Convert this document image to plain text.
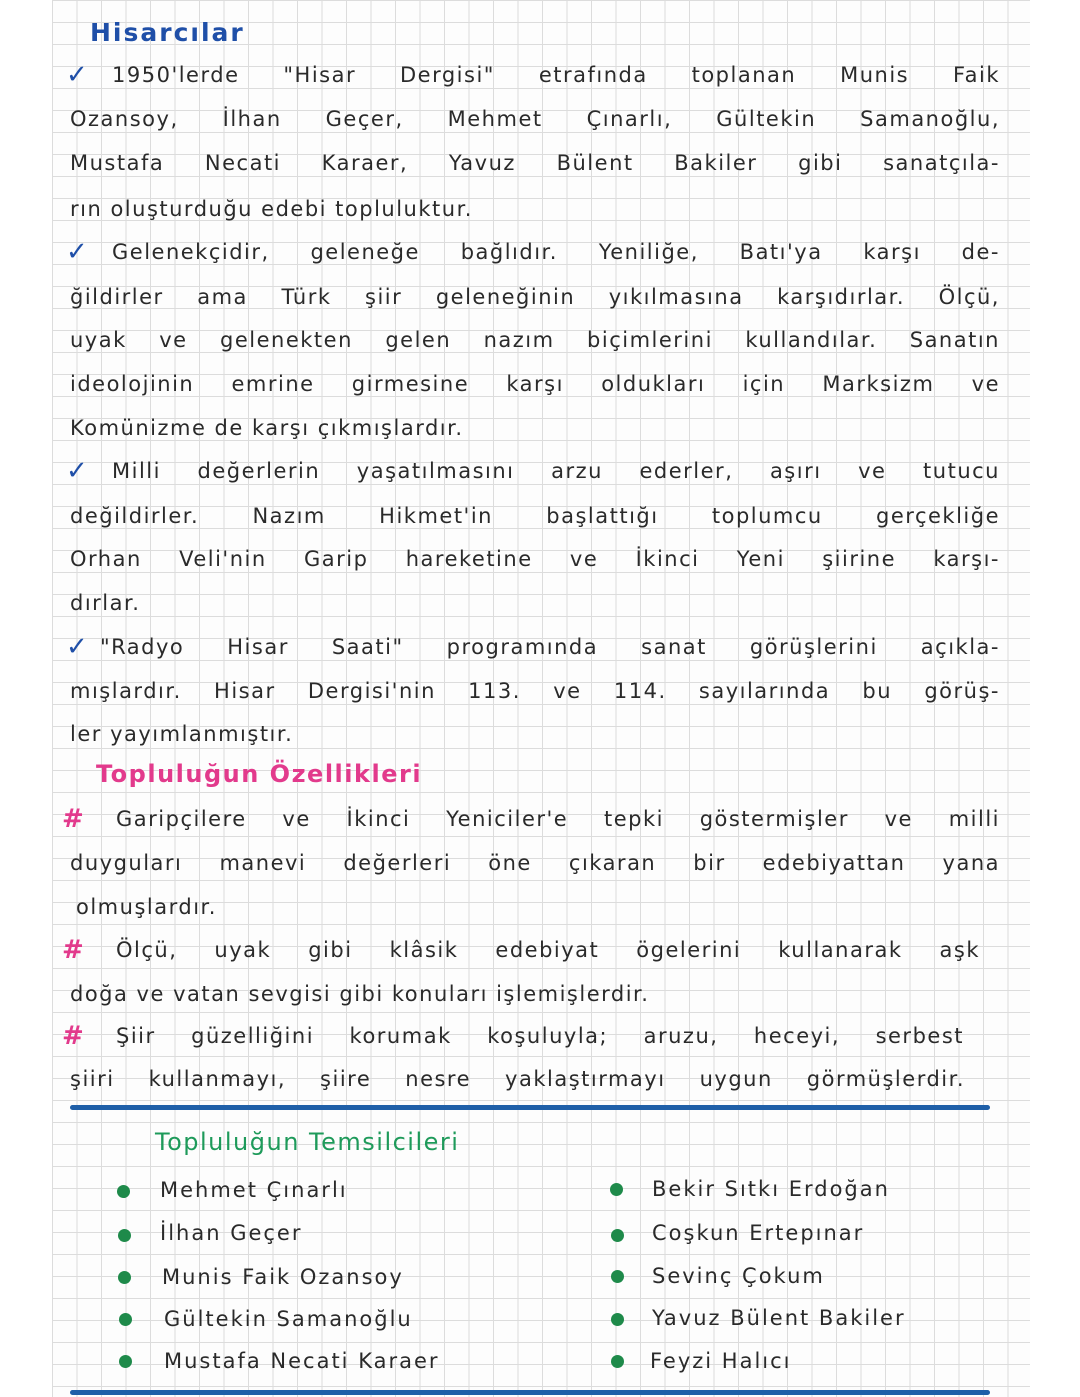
Hisarcılar
✓ 1950'lerde "Hisar Dergisi" etrafında toplanan Munis Faik
Ozansoy, İlhan Geçer, Mehmet Çınarlı, Gültekin Samanoğlu,
Mustafa Necati Karaer, Yavuz Bülent Bakiler gibi sanatçıla-
rın oluşturduğu edebi topluluktur.
✓ Gelenekçidir, geleneğe bağlıdır. Yeniliğe, Batı'ya karşı de-
ğildirler ama Türk şiir geleneğinin yıkılmasına karşıdırlar. Ölçü,
uyak ve gelenekten gelen nazım biçimlerini kullandılar. Sanatın
ideolojinin emrine girmesine karşı oldukları için Marksizm ve
Komünizme de karşı çıkmışlardır.
✓ Milli değerlerin yaşatılmasını arzu ederler, aşırı ve tutucu
değildirler. Nazım Hikmet'in başlattığı toplumcu gerçekliğe
Orhan Veli'nin Garip hareketine ve İkinci Yeni şiirine karşı-
dırlar.
✓ "Radyo Hisar Saati" programında sanat görüşlerini açıkla-
mışlardır. Hisar Dergisi'nin 113. ve 114. sayılarında bu görüş-
ler yayımlanmıştır.
Topluluğun Özellikleri
# Garipçilere ve İkinci Yeniciler'e tepki göstermişler ve milli
duyguları manevi değerleri öne çıkaran bir edebiyattan yana
olmuşlardır.
# Ölçü, uyak gibi klâsik edebiyat ögelerini kullanarak aşk
doğa ve vatan sevgisi gibi konuları işlemişlerdir.
# Şiir güzelliğini korumak koşuluyla; aruzu, heceyi, serbest
şiiri kullanmayı, şiire nesre yaklaştırmayı uygun görmüşlerdir.
Topluluğun Temsilcileri
Mehmet Çınarlı
İlhan Geçer
Munis Faik Ozansoy
Gültekin Samanoğlu
Mustafa Necati Karaer
Bekir Sıtkı Erdoğan
Coşkun Ertepınar
Sevinç Çokum
Yavuz Bülent Bakiler
Feyzi Halıcı
